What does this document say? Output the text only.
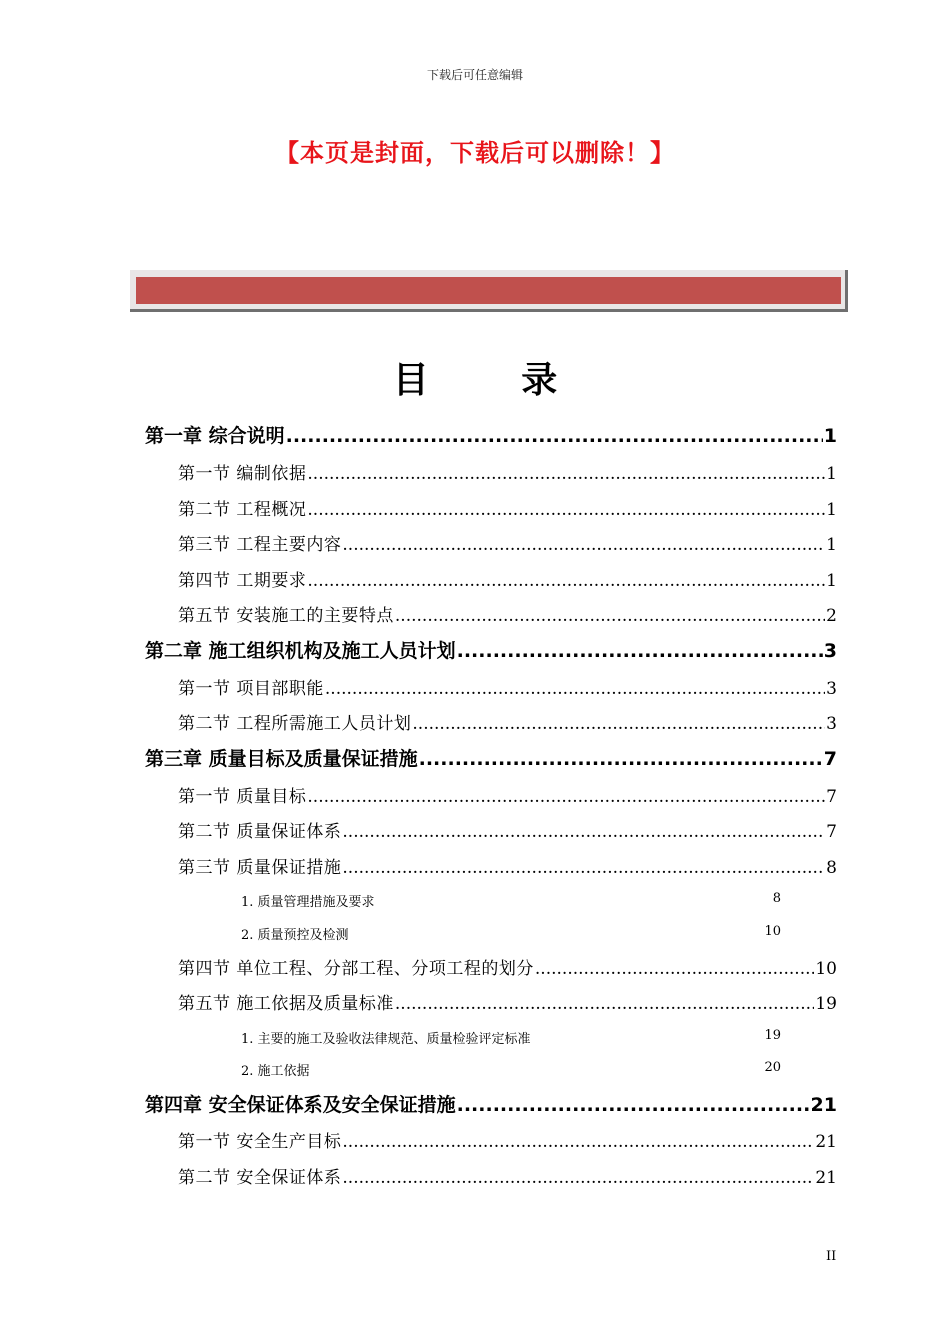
下载后可任意编辑
【本页是封面，下载后可以删除！】
目 录
第一章 综合说明 .....	1
第一节 编制依据 .....	1
第二节 工程概况 .....	1
第三节 工程主要内容 .....	1
第四节 工期要求 .....	1
第五节 安装施工的主要特点 .....	2
第二章 施工组织机构及施工人员计划 .....	3
第一节 项目部职能 .....	3
第二节 工程所需施工人员计划 .....	3
第三章 质量目标及质量保证措施 .....	7
第一节 质量目标 .....	7
第二节 质量保证体系 .....	7
第三节 质量保证措施 .....	8
1. 质量管理措施及要求	8
2. 质量预控及检测	10
第四节 单位工程、分部工程、分项工程的划分 .....	10
第五节 施工依据及质量标准 .....	19
1. 主要的施工及验收法律规范、质量检验评定标准	19
2. 施工依据	20
第四章 安全保证体系及安全保证措施 .....	21
第一节 安全生产目标 .....	21
第二节 安全保证体系 .....	21
II
